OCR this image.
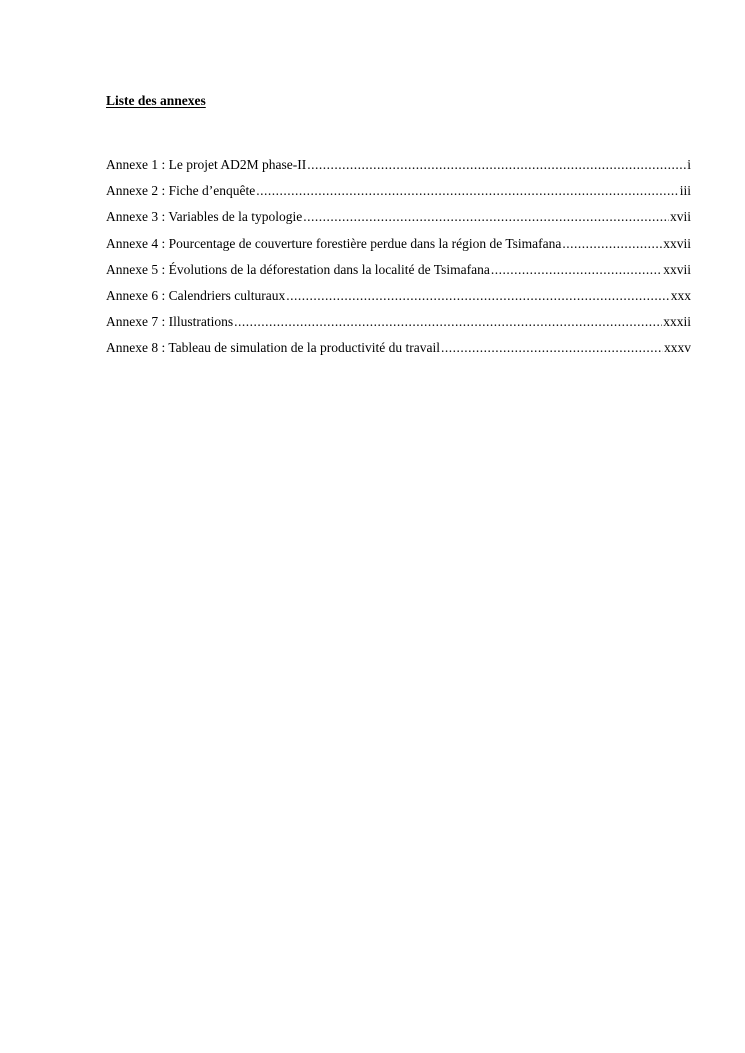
Liste des annexes
Annexe 1 : Le projet AD2M phase-II .....	i
Annexe 2 : Fiche d’enquête .....	iii
Annexe 3 : Variables de la typologie .....	xvii
Annexe 4 : Pourcentage de couverture forestière perdue dans la région de Tsimafana .....	xxvii
Annexe 5 : Évolutions de la déforestation dans la localité de Tsimafana .....	xxvii
Annexe 6 : Calendriers culturaux .....	xxx
Annexe 7 : Illustrations .....	xxxii
Annexe 8 : Tableau de simulation de la productivité du travail .....	xxxv
